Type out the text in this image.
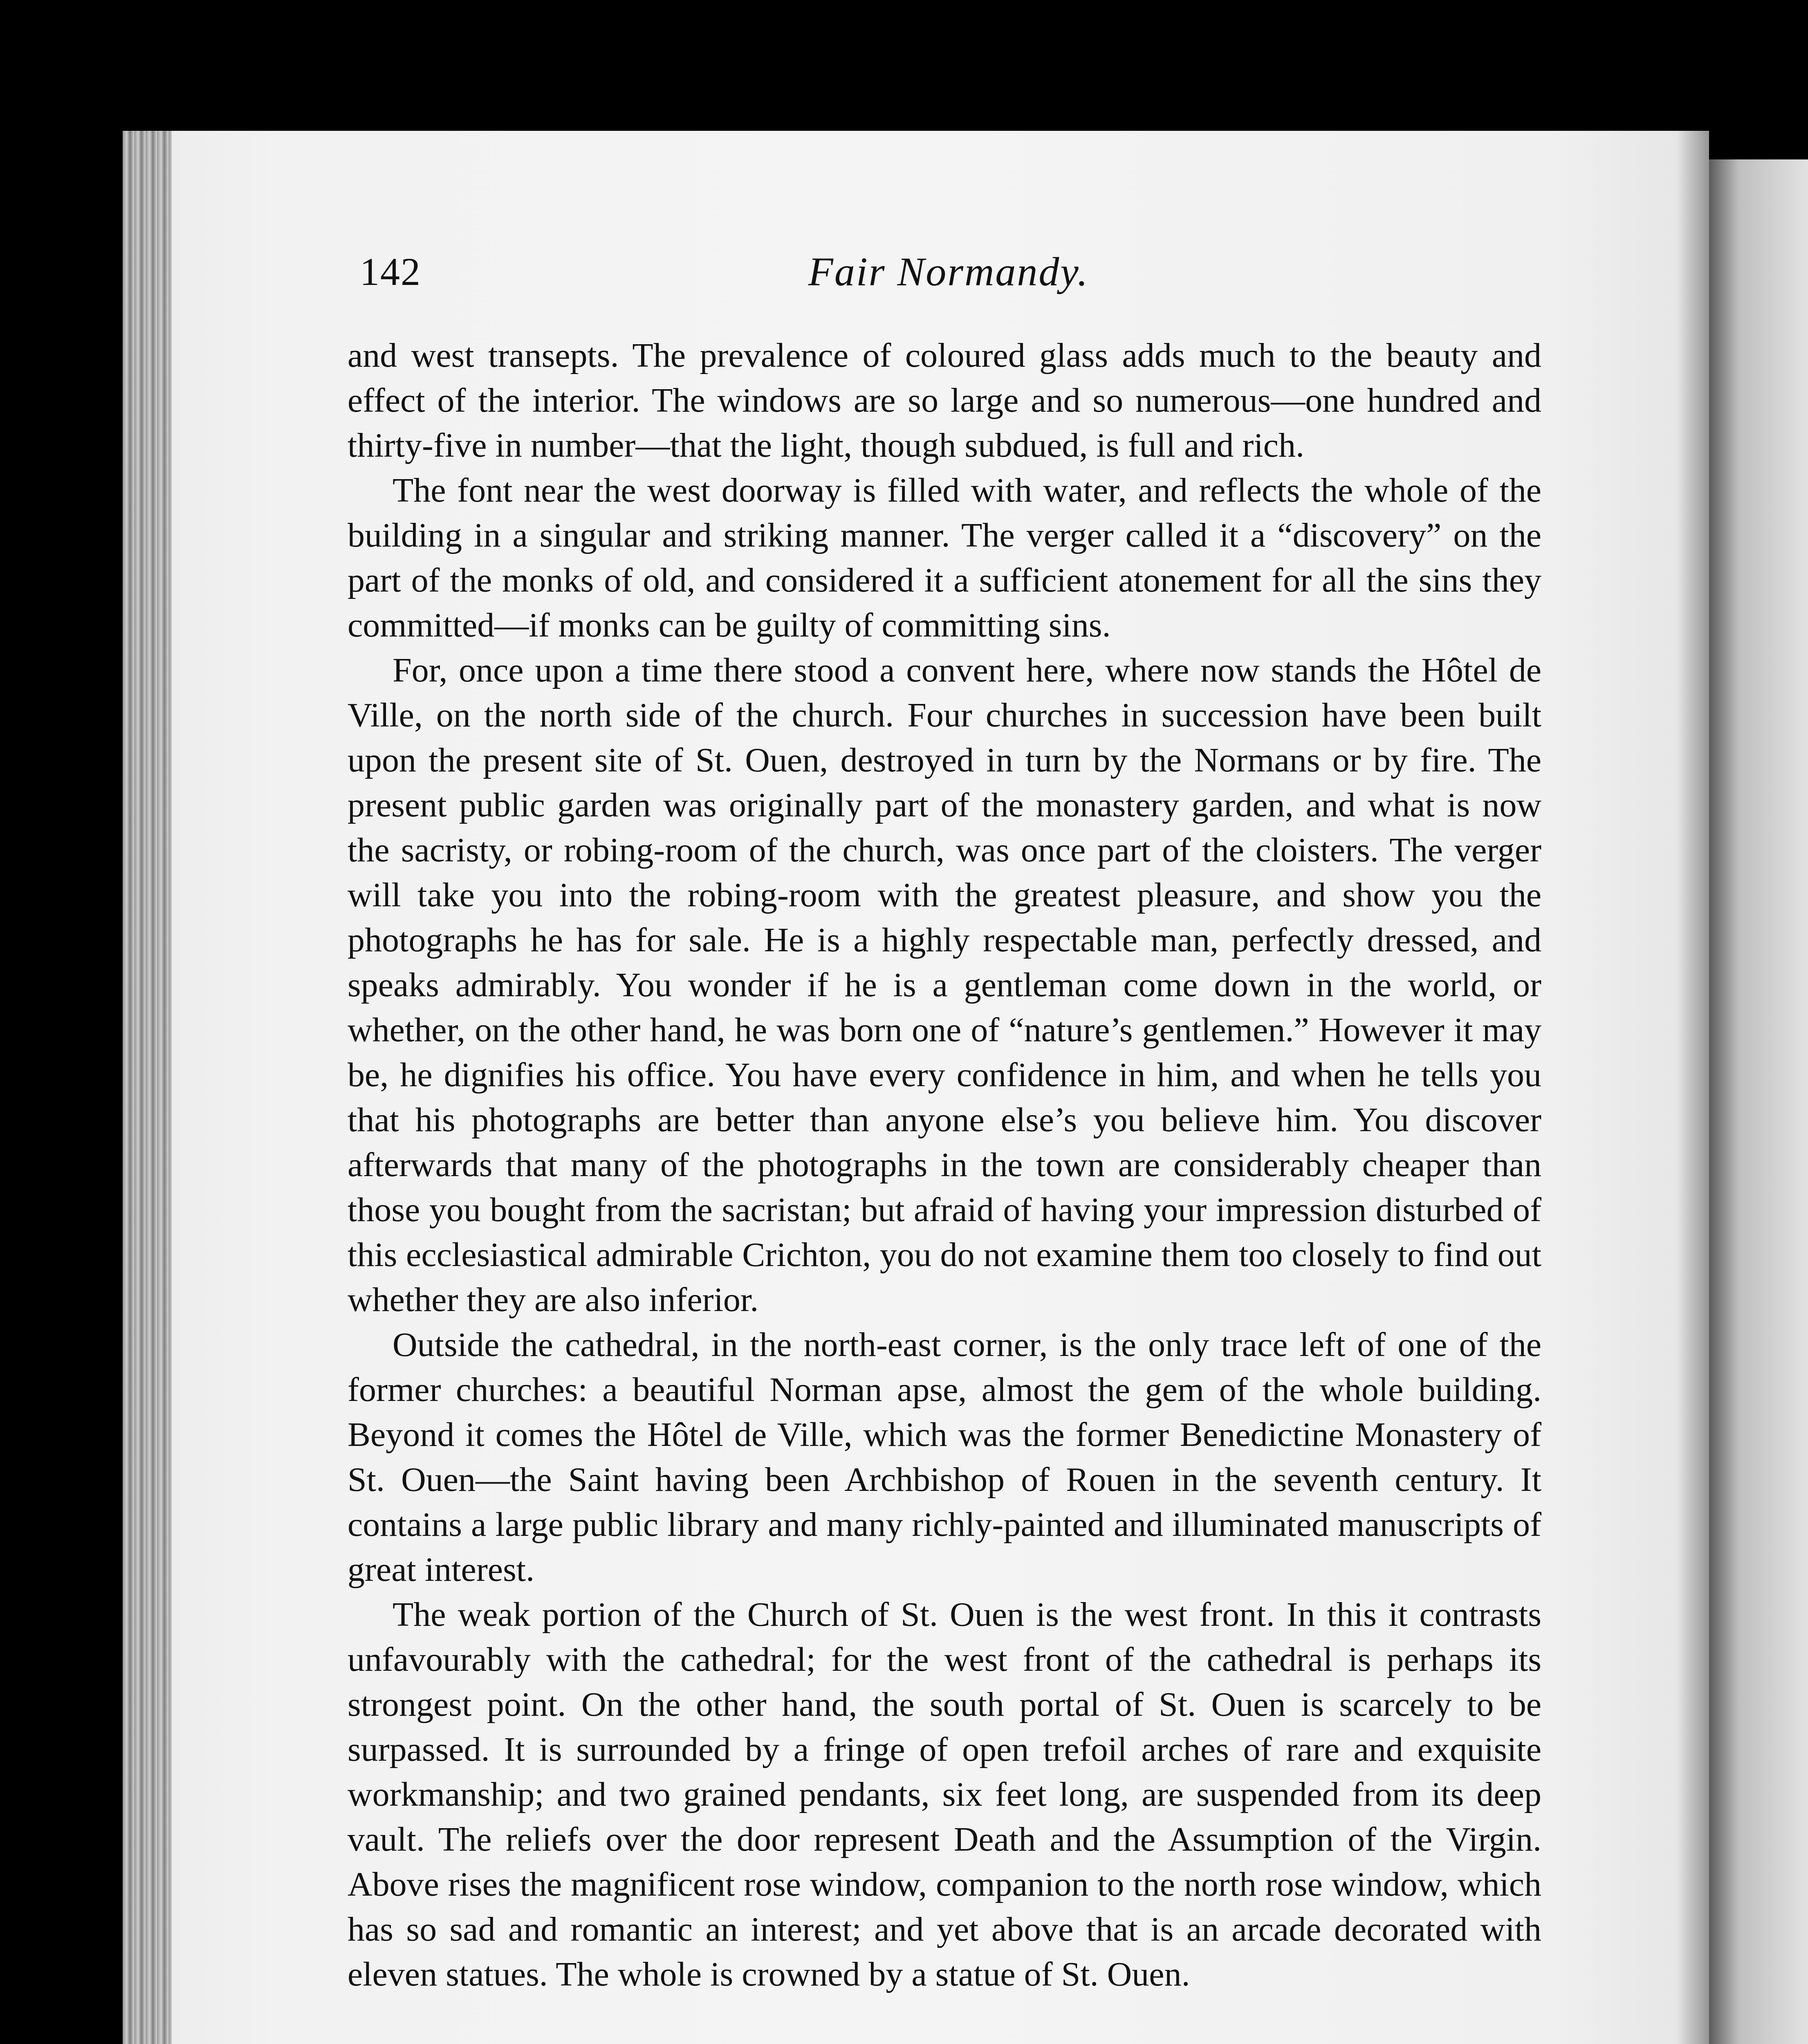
142	Fair Normandy.

and west transepts. The prevalence of coloured glass adds much to the beauty and effect of the interior. The windows are so large and so numerous—one hundred and thirty-five in number—that the light, though subdued, is full and rich.

The font near the west doorway is filled with water, and reflects the whole of the building in a singular and striking manner. The verger called it a “discovery” on the part of the monks of old, and considered it a sufficient atonement for all the sins they committed—if monks can be guilty of committing sins.

For, once upon a time there stood a convent here, where now stands the Hôtel de Ville, on the north side of the church. Four churches in succession have been built upon the present site of St. Ouen, destroyed in turn by the Normans or by fire. The present public garden was originally part of the monastery garden, and what is now the sacristy, or robing-room of the church, was once part of the cloisters. The verger will take you into the robing-room with the greatest pleasure, and show you the photographs he has for sale. He is a highly respectable man, perfectly dressed, and speaks admirably. You wonder if he is a gentleman come down in the world, or whether, on the other hand, he was born one of “nature’s gentlemen.” However it may be, he dignifies his office. You have every confidence in him, and when he tells you that his photographs are better than anyone else’s you believe him. You discover afterwards that many of the photographs in the town are considerably cheaper than those you bought from the sacristan; but afraid of having your impression disturbed of this ecclesiastical admirable Crichton, you do not examine them too closely to find out whether they are also inferior.

Outside the cathedral, in the north-east corner, is the only trace left of one of the former churches: a beautiful Norman apse, almost the gem of the whole building. Beyond it comes the Hôtel de Ville, which was the former Benedictine Monastery of St. Ouen—the Saint having been Archbishop of Rouen in the seventh century. It contains a large public library and many richly-painted and illuminated manuscripts of great interest.

The weak portion of the Church of St. Ouen is the west front. In this it contrasts unfavourably with the cathedral; for the west front of the cathedral is perhaps its strongest point. On the other hand, the south portal of St. Ouen is scarcely to be surpassed. It is surrounded by a fringe of open trefoil arches of rare and exquisite workmanship; and two grained pendants, six feet long, are suspended from its deep vault. The reliefs over the door represent Death and the Assumption of the Virgin. Above rises the magnificent rose window, companion to the north rose window, which has so sad and romantic an interest; and yet above that is an arcade decorated with eleven statues. The whole is crowned by a statue of St. Ouen.
